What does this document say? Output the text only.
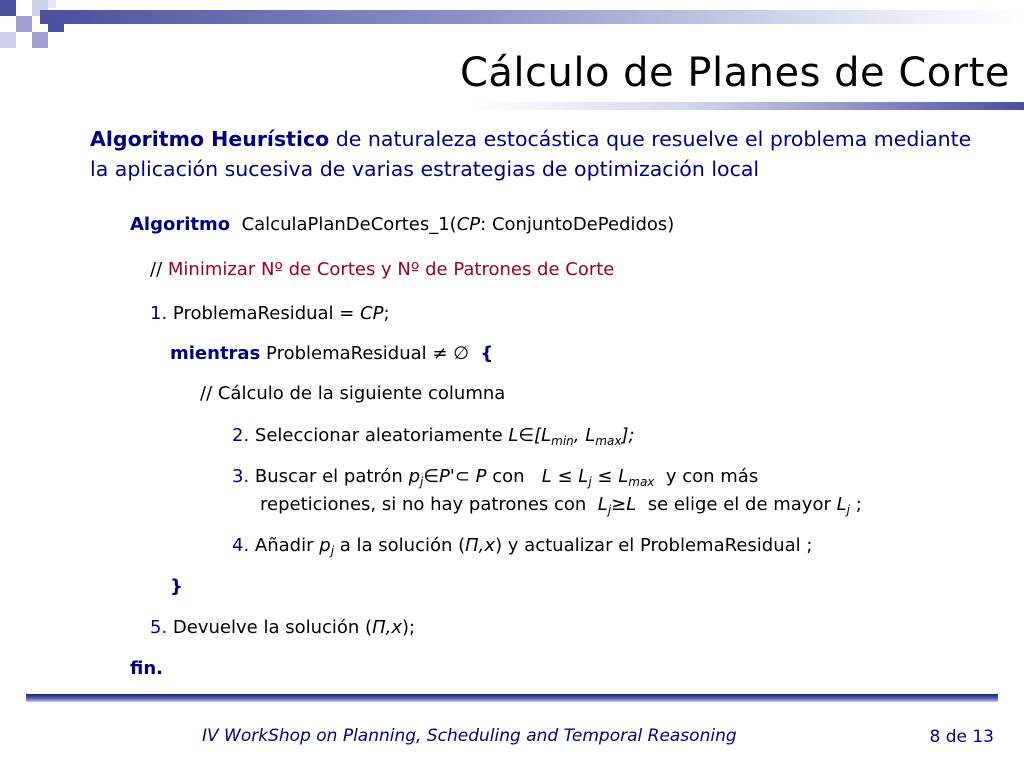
Cálculo de Planes de Corte
Algoritmo Heurístico de naturaleza estocástica que resuelve el problema mediante la aplicación sucesiva de varias estrategias de optimización local
Algoritmo CalculaPlanDeCortes_1(CP: ConjuntoDePedidos)
// Minimizar Nº de Cortes y Nº de Patrones de Corte
1. ProblemaResidual = CP;
mientras ProblemaResidual ≠ ∅ {
// Cálculo de la siguiente columna
2. Seleccionar aleatoriamente $L\in[L_{min}$, $L_{max}$];
3. Buscar el patrón $p_j\in P'\subset$ P con $L \le L_j \le L_{max}$ y con más
repeticiones, si no hay patrones con $L_j\ge L$ se elige el de mayor $L_j$ ;
4. Añadir $p_j$ a la solución (Π,x) y actualizar el ProblemaResidual ;
}
5. Devuelve la solución (Π,x);
fin.
IV WorkShop on Planning, Scheduling and Temporal Reasoning	8 de 13
